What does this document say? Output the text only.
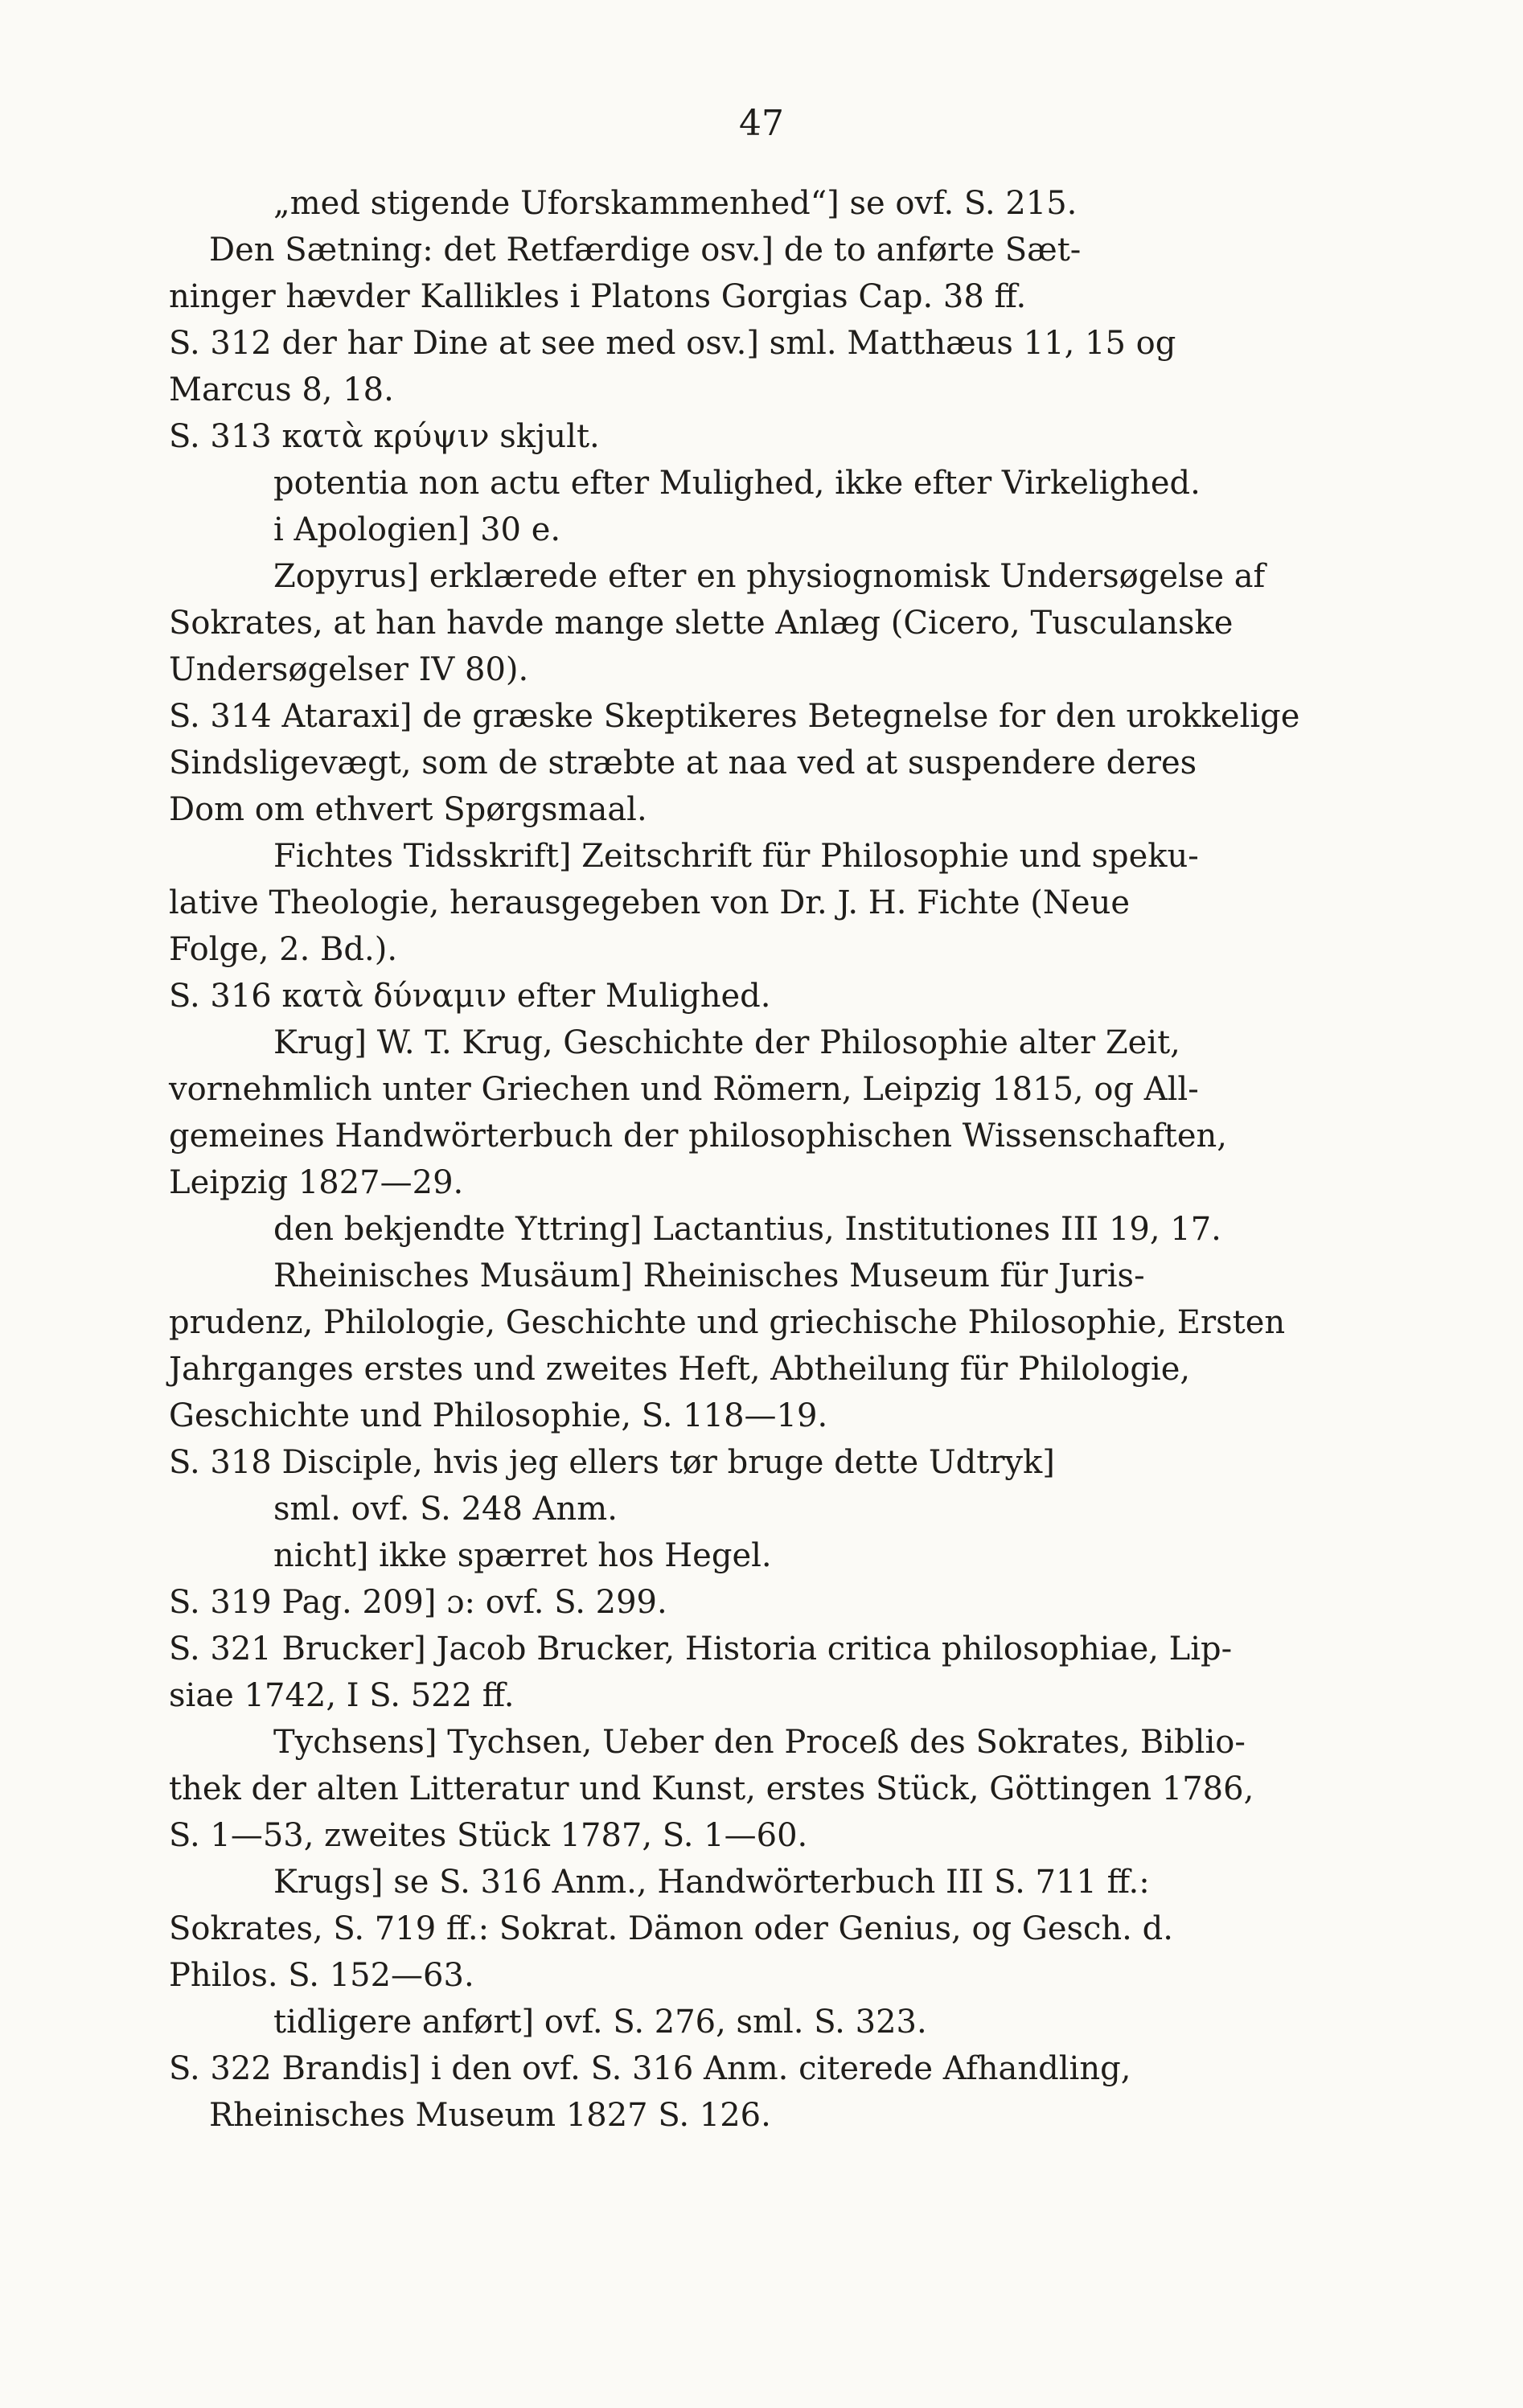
47
„med stigende Uforskammenhed“] se ovf. S. 215.
Den Sætning: det Retfærdige osv.] de to anførte Sæt-
ninger hævder Kallikles i Platons Gorgias Cap. 38 ff.
S. 312 der har Dine at see med osv.] sml. Matthæus 11, 15 og
Marcus 8, 18.
S. 313 κατὰ κρύψιν skjult.
potentia non actu efter Mulighed, ikke efter Virkelighed.
i Apologien] 30 e.
Zopyrus] erklærede efter en physiognomisk Undersøgelse af
Sokrates, at han havde mange slette Anlæg (Cicero, Tusculanske
Undersøgelser IV 80).
S. 314 Ataraxi] de græske Skeptikeres Betegnelse for den urokkelige
Sindsligevægt, som de stræbte at naa ved at suspendere deres
Dom om ethvert Spørgsmaal.
Fichtes Tidsskrift] Zeitschrift für Philosophie und speku-
lative Theologie, herausgegeben von Dr. J. H. Fichte (Neue
Folge, 2. Bd.).
S. 316 κατὰ δύναμιν efter Mulighed.
Krug] W. T. Krug, Geschichte der Philosophie alter Zeit,
vornehmlich unter Griechen und Römern, Leipzig 1815, og All-
gemeines Handwörterbuch der philosophischen Wissenschaften,
Leipzig 1827—29.
den bekjendte Yttring] Lactantius, Institutiones III 19, 17.
Rheinisches Musäum] Rheinisches Museum für Juris-
prudenz, Philologie, Geschichte und griechische Philosophie, Ersten
Jahrganges erstes und zweites Heft, Abtheilung für Philologie,
Geschichte und Philosophie, S. 118—19.
S. 318 Disciple, hvis jeg ellers tør bruge dette Udtryk]
sml. ovf. S. 248 Anm.
nicht] ikke spærret hos Hegel.
S. 319 Pag. 209] ɔ: ovf. S. 299.
S. 321 Brucker] Jacob Brucker, Historia critica philosophiae, Lip-
siae 1742, I S. 522 ff.
Tychsens] Tychsen, Ueber den Proceß des Sokrates, Biblio-
thek der alten Litteratur und Kunst, erstes Stück, Göttingen 1786,
S. 1—53, zweites Stück 1787, S. 1—60.
Krugs] se S. 316 Anm., Handwörterbuch III S. 711 ff.:
Sokrates, S. 719 ff.: Sokrat. Dämon oder Genius, og Gesch. d.
Philos. S. 152—63.
tidligere anført] ovf. S. 276, sml. S. 323.
S. 322 Brandis] i den ovf. S. 316 Anm. citerede Afhandling,
Rheinisches Museum 1827 S. 126.
